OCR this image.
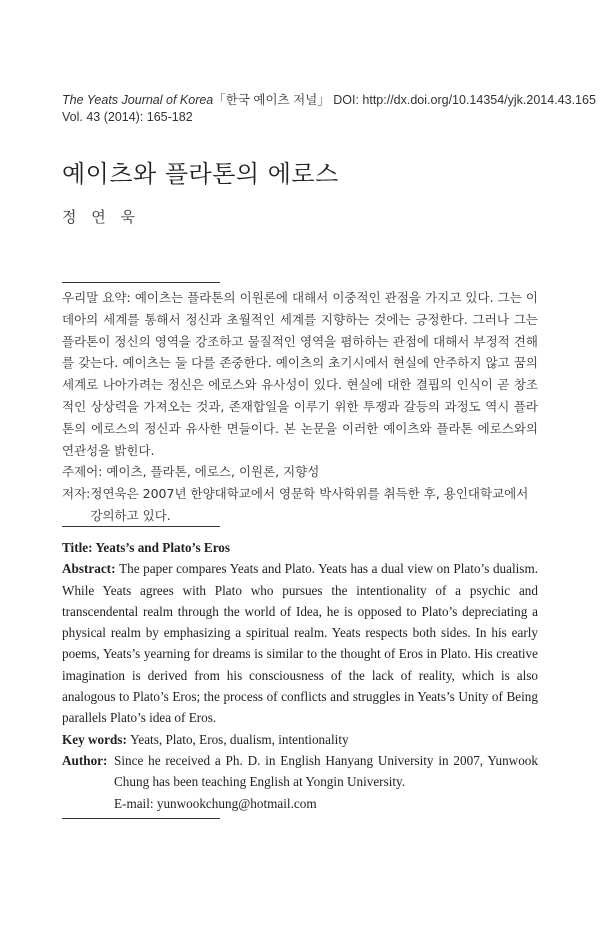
The Yeats Journal of Korea「한국 예이츠 저널」 DOI: http://dx.doi.org/10.14354/yjk.2014.43.165
Vol. 43 (2014): 165-182
예이츠와 플라톤의 에로스
정 연 욱

우리말 요약: 예이츠는 플라톤의 이원론에 대해서 이중적인 관점을 가지고 있다. 그는 이데아의 세계를 통해서 정신과 초월적인 세계를 지향하는 것에는 긍정한다. 그러나 그는 플라톤이 정신의 영역을 강조하고 물질적인 영역을 폄하하는 관점에 대해서 부정적 견해를 갖는다. 예이츠는 둘 다를 존중한다. 예이츠의 초기시에서 현실에 안주하지 않고 꿈의 세계로 나아가려는 정신은 에로스와 유사성이 있다. 현실에 대한 결핍의 인식이 곧 창조적인 상상력을 가져오는 것과, 존재합일을 이루기 위한 투쟁과 갈등의 과정도 역시 플라톤의 에로스의 정신과 유사한 면들이다. 본 논문을 이러한 예이츠와 플라톤 에로스와의 연관성을 밝힌다.

주제어: 예이츠, 플라톤, 에로스, 이원론, 지향성

저자: 정연욱은 2007년 한양대학교에서 영문학 박사학위를 취득한 후, 용인대학교에서 강의하고 있다.

Title: Yeats’s and Plato’s Eros

Abstract: The paper compares Yeats and Plato. Yeats has a dual view on Plato’s dualism. While Yeats agrees with Plato who pursues the intentionality of a psychic and transcendental realm through the world of Idea, he is opposed to Plato’s depreciating a physical realm by emphasizing a spiritual realm. Yeats respects both sides. In his early poems, Yeats’s yearning for dreams is similar to the thought of Eros in Plato. His creative imagination is derived from his consciousness of the lack of reality, which is also analogous to Plato’s Eros; the process of conflicts and struggles in Yeats’s Unity of Being parallels Plato’s idea of Eros.

Key words: Yeats, Plato, Eros, dualism, intentionality

Author: Since he received a Ph. D. in English Hanyang University in 2007, Yunwook Chung has been teaching English at Yongin University.
E-mail: yunwookchung@hotmail.com
